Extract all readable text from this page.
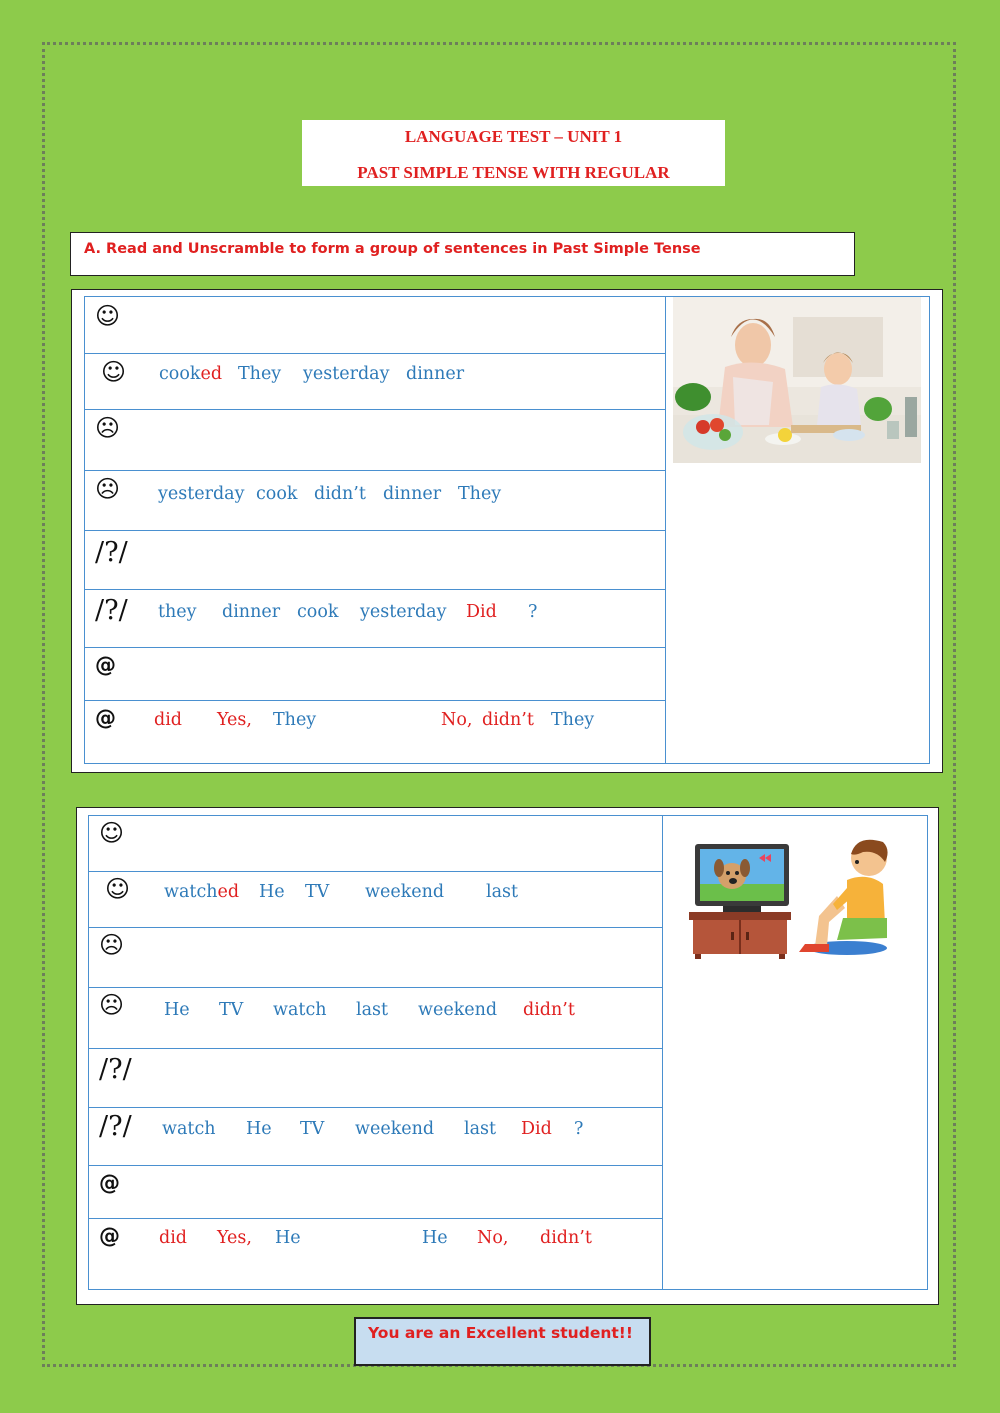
LANGUAGE TEST – UNIT 1
PAST SIMPLE TENSE WITH REGULAR
A. Read and Unscramble to form a group of sentences in Past Simple Tense
☺
☺ cooked They yesterday dinner
☹
☹ yesterday cook didn’t dinner They
/?/
/?/ they dinner cook yesterday Did ?
@
@ did Yes, They	No, didn’t They
☺
☺ watched He TV weekend last
☹
☹ He TV watch last weekend didn’t
/?/
/?/ watch He TV weekend last Did ?
@
@ did Yes, He	He No, didn’t
You are an Excellent student!!
